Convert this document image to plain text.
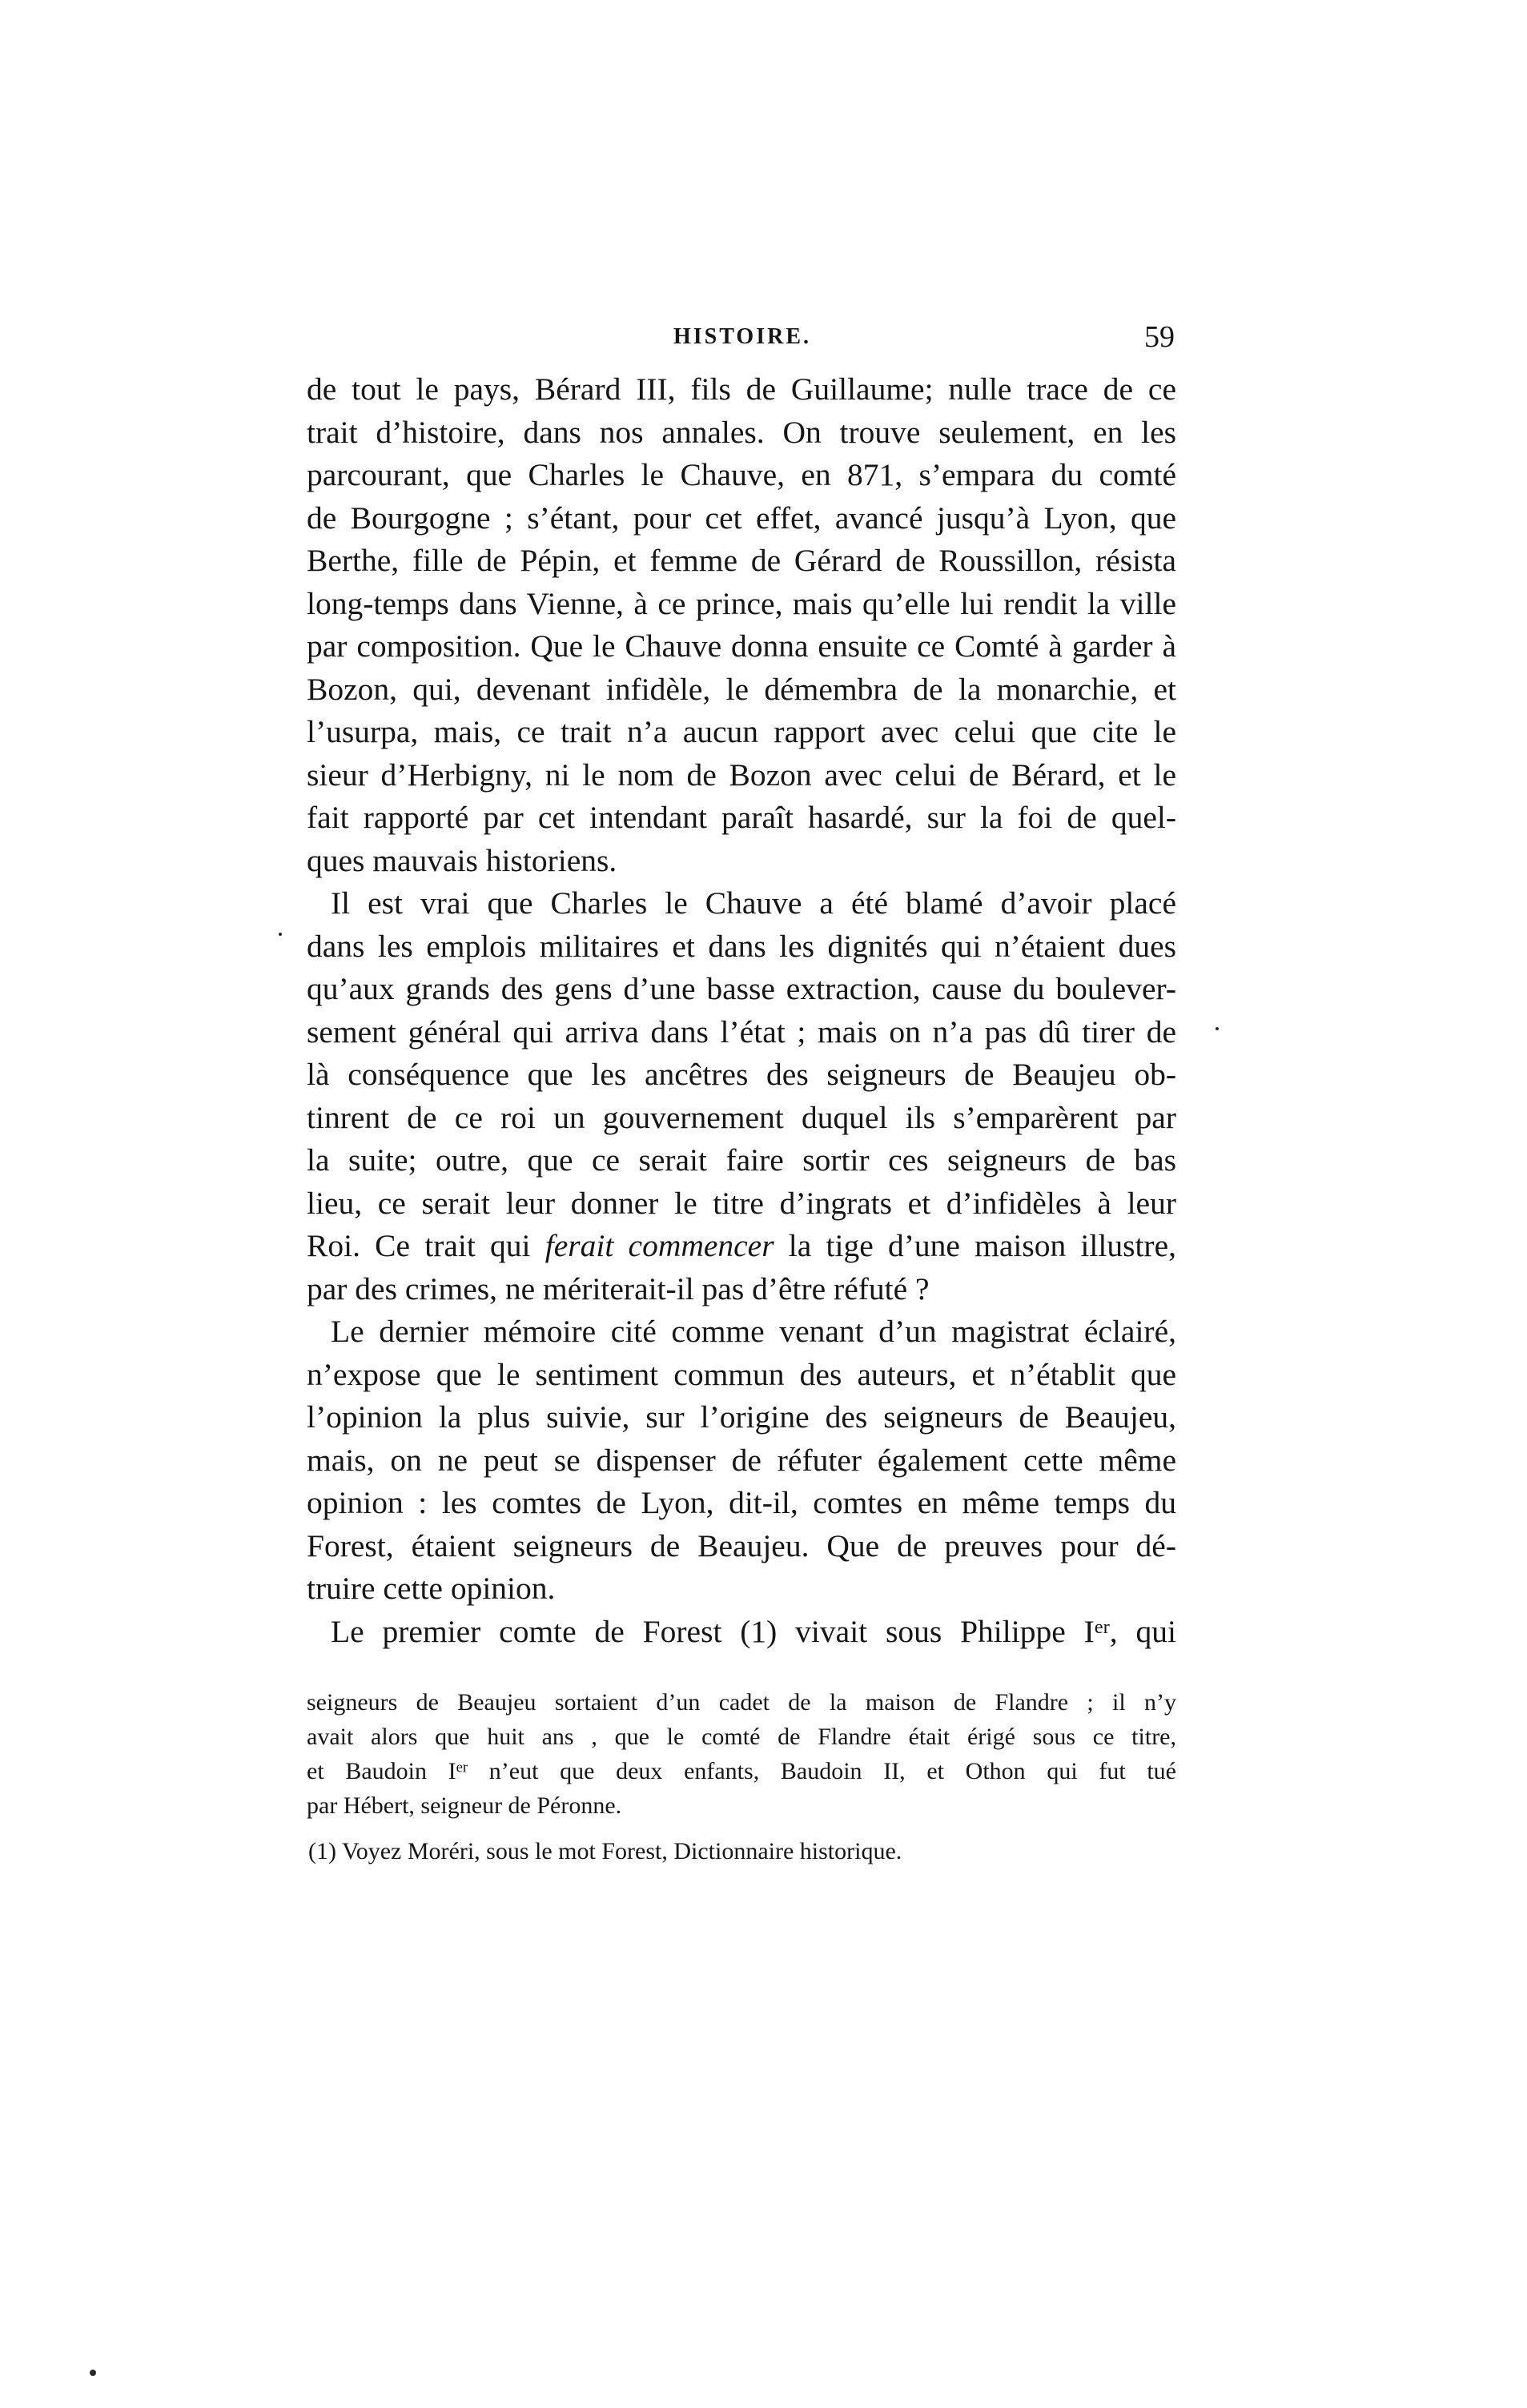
HISTOIRE.	59
de tout le pays, Bérard III, fils de Guillaume; nulle trace de ce
trait d’histoire, dans nos annales. On trouve seulement, en les
parcourant, que Charles le Chauve, en 871, s’empara du comté
de Bourgogne ; s’étant, pour cet effet, avancé jusqu’à Lyon, que
Berthe, fille de Pépin, et femme de Gérard de Roussillon, résista
long-temps dans Vienne, à ce prince, mais qu’elle lui rendit la ville
par composition. Que le Chauve donna ensuite ce Comté à garder à
Bozon, qui, devenant infidèle, le démembra de la monarchie, et
l’usurpa, mais, ce trait n’a aucun rapport avec celui que cite le
sieur d’Herbigny, ni le nom de Bozon avec celui de Bérard, et le
fait rapporté par cet intendant paraît hasardé, sur la foi de quel-
ques mauvais historiens.
Il est vrai que Charles le Chauve a été blamé d’avoir placé
dans les emplois militaires et dans les dignités qui n’étaient dues
qu’aux grands des gens d’une basse extraction, cause du boulever-
sement général qui arriva dans l’état ; mais on n’a pas dû tirer de
là conséquence que les ancêtres des seigneurs de Beaujeu ob-
tinrent de ce roi un gouvernement duquel ils s’emparèrent par
la suite; outre, que ce serait faire sortir ces seigneurs de bas
lieu, ce serait leur donner le titre d’ingrats et d’infidèles à leur
Roi. Ce trait qui ferait commencer la tige d’une maison illustre,
par des crimes, ne mériterait-il pas d’être réfuté ?
Le dernier mémoire cité comme venant d’un magistrat éclairé,
n’expose que le sentiment commun des auteurs, et n’établit que
l’opinion la plus suivie, sur l’origine des seigneurs de Beaujeu,
mais, on ne peut se dispenser de réfuter également cette même
opinion : les comtes de Lyon, dit-il, comtes en même temps du
Forest, étaient seigneurs de Beaujeu. Que de preuves pour dé-
truire cette opinion.
Le premier comte de Forest (1) vivait sous Philippe Ier, qui
seigneurs de Beaujeu sortaient d’un cadet de la maison de Flandre ; il n’y
avait alors que huit ans , que le comté de Flandre était érigé sous ce titre,
et Baudoin Ier n’eut que deux enfants, Baudoin II, et Othon qui fut tué
par Hébert, seigneur de Péronne.
(1) Voyez Moréri, sous le mot Forest, Dictionnaire historique.
